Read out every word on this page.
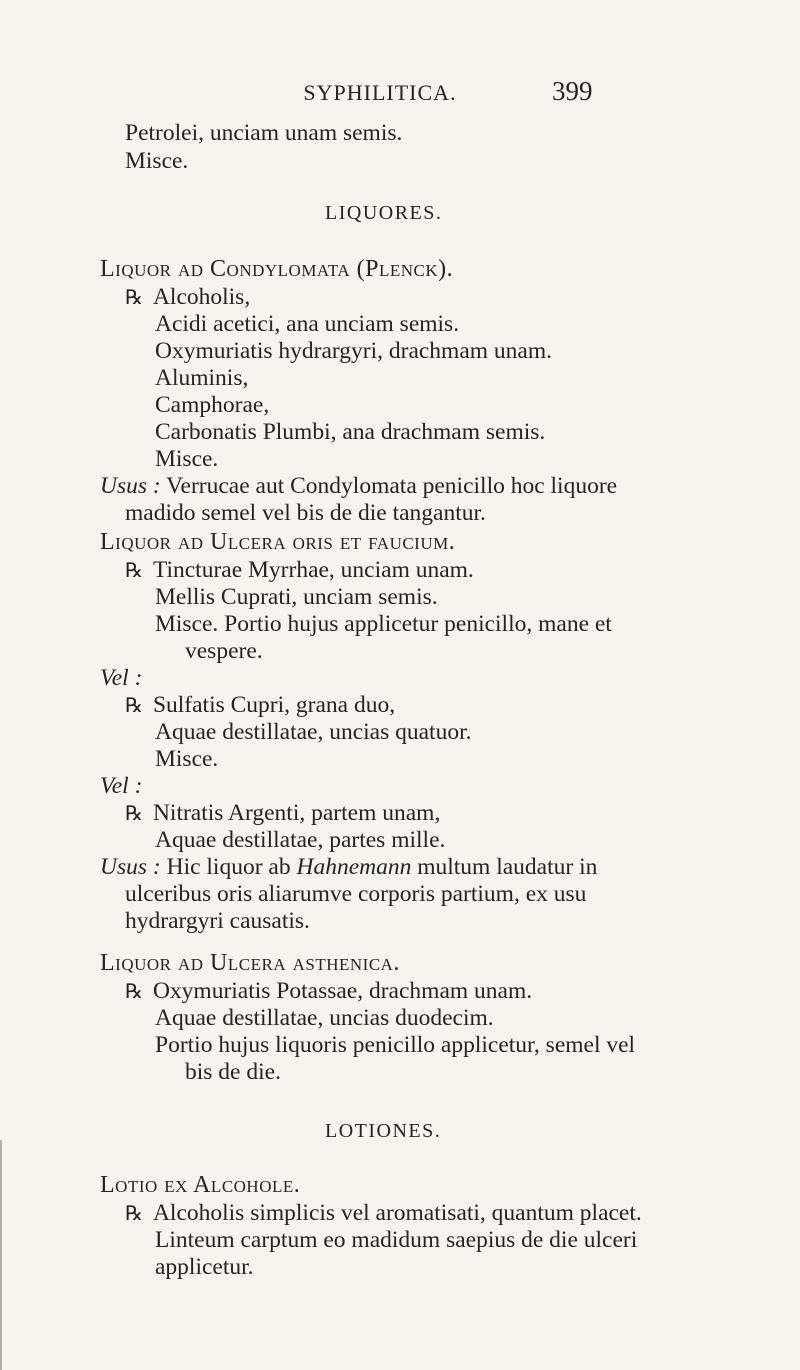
SYPHILITICA.	399
Petrolei, unciam unam semis.
Misce.
LIQUORES.
Liquor ad Condylomata (Plenck).
℞ Alcoholis,
Acidi acetici, ana unciam semis.
Oxymuriatis hydrargyri, drachmam unam.
Aluminis,
Camphorae,
Carbonatis Plumbi, ana drachmam semis.
Misce.
Usus : Verrucae aut Condylomata penicillo hoc liquore
madido semel vel bis de die tangantur.
Liquor ad Ulcera oris et faucium.
℞ Tincturae Myrrhae, unciam unam.
Mellis Cuprati, unciam semis.
Misce. Portio hujus applicetur penicillo, mane et
vespere.
Vel :
℞ Sulfatis Cupri, grana duo,
Aquae destillatae, uncias quatuor.
Misce.
Vel :
℞ Nitratis Argenti, partem unam,
Aquae destillatae, partes mille.
Usus : Hic liquor ab Hahnemann multum laudatur in
ulceribus oris aliarumve corporis partium, ex usu
hydrargyri causatis.
Liquor ad Ulcera asthenica.
℞ Oxymuriatis Potassae, drachmam unam.
Aquae destillatae, uncias duodecim.
Portio hujus liquoris penicillo applicetur, semel vel
bis de die.
LOTIONES.
Lotio ex Alcohole.
℞ Alcoholis simplicis vel aromatisati, quantum placet.
Linteum carptum eo madidum saepius de die ulceri
applicetur.
